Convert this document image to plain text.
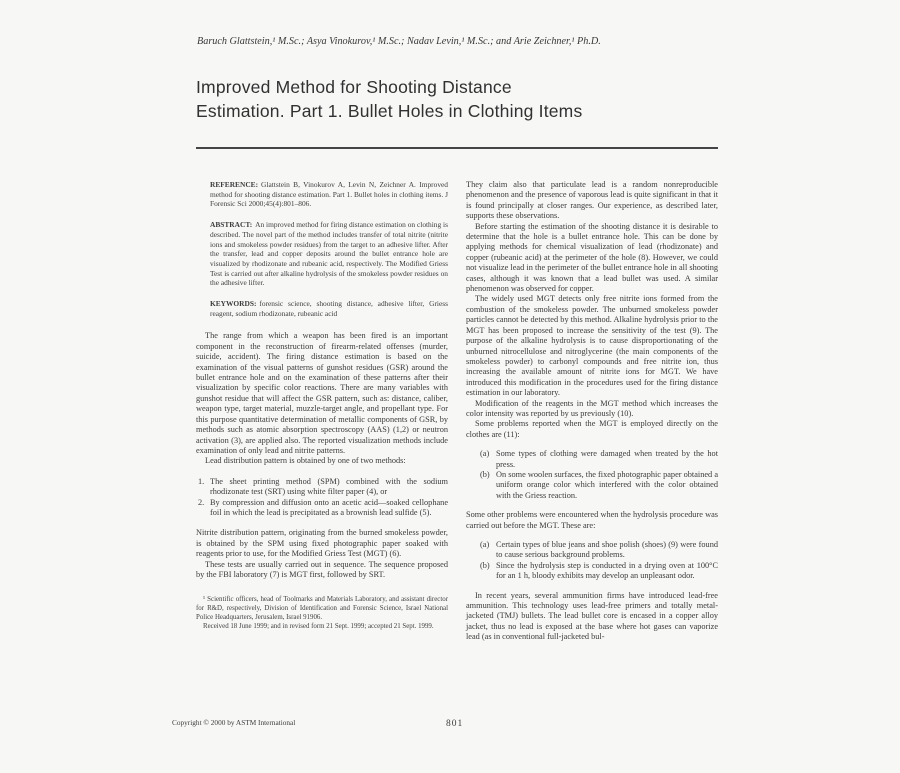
Baruch Glattstein,¹ M.Sc.; Asya Vinokurov,¹ M.Sc.; Nadav Levin,¹ M.Sc.; and Arie Zeichner,¹ Ph.D.
Improved Method for Shooting Distance
Estimation. Part 1. Bullet Holes in Clothing Items
REFERENCE: Glattstein B, Vinokurov A, Levin N, Zeichner A. Improved method for shooting distance estimation. Part 1. Bullet holes in clothing items. J Forensic Sci 2000;45(4):801–806.
ABSTRACT: An improved method for firing distance estimation on clothing is described. The novel part of the method includes transfer of total nitrite (nitrite ions and smokeless powder residues) from the target to an adhesive lifter. After the transfer, lead and copper deposits around the bullet entrance hole are visualized by rhodizonate and rubeanic acid, respectively. The Modified Griess Test is carried out after alkaline hydrolysis of the smokeless powder residues on the adhesive lifter.
KEYWORDS: forensic science, shooting distance, adhesive lifter, Griess reagent, sodium rhodizonate, rubeanic acid

The range from which a weapon has been fired is an important component in the reconstruction of firearm-related offenses (murder, suicide, accident). The firing distance estimation is based on the examination of the visual patterns of gunshot residues (GSR) around the bullet entrance hole and on the examination of these patterns after their visualization by specific color reactions. There are many variables with gunshot residue that will affect the GSR pattern, such as: distance, caliber, weapon type, target material, muzzle-target angle, and propellant type. For this purpose quantitative determination of metallic components of GSR, by methods such as atomic absorption spectroscopy (AAS) (1,2) or neutron activation (3), are applied also. The reported visualization methods include examination of only lead and nitrite patterns.

Lead distribution pattern is obtained by one of two methods:

1. The sheet printing method (SPM) combined with the sodium rhodizonate test (SRT) using white filter paper (4), or
2. By compression and diffusion onto an acetic acid—soaked cellophane foil in which the lead is precipitated as a brownish lead sulfide (5).

Nitrite distribution pattern, originating from the burned smokeless powder, is obtained by the SPM using fixed photographic paper soaked with reagents prior to use, for the Modified Griess Test (MGT) (6).

These tests are usually carried out in sequence. The sequence proposed by the FBI laboratory (7) is MGT first, followed by SRT.

¹ Scientific officers, head of Toolmarks and Materials Laboratory, and assistant director for R&D, respectively, Division of Identification and Forensic Science, Israel National Police Headquarters, Jerusalem, Israel 91906.

Received 18 June 1999; and in revised form 21 Sept. 1999; accepted 21 Sept. 1999.

They claim also that particulate lead is a random nonreproducible phenomenon and the presence of vaporous lead is quite significant in that it is found principally at closer ranges. Our experience, as described later, supports these observations.

Before starting the estimation of the shooting distance it is desirable to determine that the hole is a bullet entrance hole. This can be done by applying methods for chemical visualization of lead (rhodizonate) and copper (rubeanic acid) at the perimeter of the hole (8). However, we could not visualize lead in the perimeter of the bullet entrance hole in all shooting cases, although it was known that a lead bullet was used. A similar phenomenon was observed for copper.

The widely used MGT detects only free nitrite ions formed from the combustion of the smokeless powder. The unburned smokeless powder particles cannot be detected by this method. Alkaline hydrolysis prior to the MGT has been proposed to increase the sensitivity of the test (9). The purpose of the alkaline hydrolysis is to cause disproportionating of the unburned nitrocellulose and nitroglycerine (the main components of the smokeless powder) to carbonyl compounds and free nitrite ion, thus increasing the available amount of nitrite ions for MGT. We have introduced this modification in the procedures used for the firing distance estimation in our laboratory.

Modification of the reagents in the MGT method which increases the color intensity was reported by us previously (10).

Some problems reported when the MGT is employed directly on the clothes are (11):

(a) Some types of clothing were damaged when treated by the hot press.
(b) On some woolen surfaces, the fixed photographic paper obtained a uniform orange color which interfered with the color obtained with the Griess reaction.

Some other problems were encountered when the hydrolysis procedure was carried out before the MGT. These are:

(a) Certain types of blue jeans and shoe polish (shoes) (9) were found to cause serious background problems.
(b) Since the hydrolysis step is conducted in a drying oven at 100°C for an 1 h, bloody exhibits may develop an unpleasant odor.

In recent years, several ammunition firms have introduced lead-free ammunition. This technology uses lead-free primers and totally metal-jacketed (TMJ) bullets. The lead bullet core is encased in a copper alloy jacket, thus no lead is exposed at the base where hot gases can vaporize lead (as in conventional full-jacketed bul-

Copyright © 2000 by ASTM International	801
